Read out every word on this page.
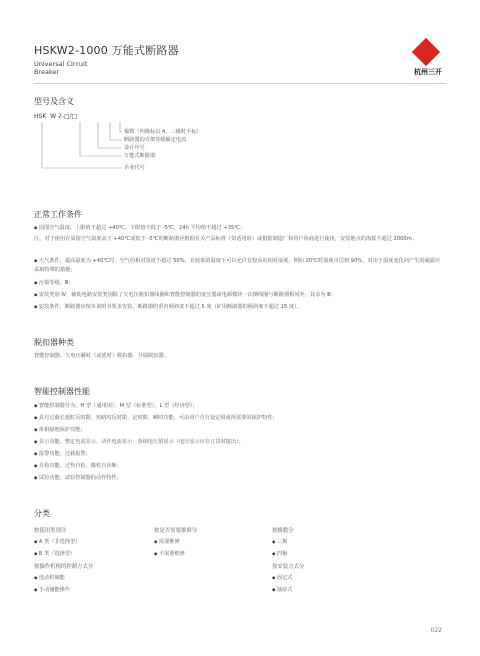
HSKW2-1000 万能式断路器
Universal Circuit
Breaker	杭州三开
型号及含义
HSK W 2-□/□
极数（四极标以 4，三极时不标）
断路器的壳架等级额定电流
设计序号
万能式断路器
企业代号
正常工作条件
◆ 周围空气温度，上限值不超过 +40℃，下限值不低于 -5℃，24h 平均值不超过 +35℃；
注，对于使用在周围空气温度高于 +40℃或低于 -5℃的断路器应根据有关产品标准（如适用时）或根据制造厂和用户协商进行使用，安装地点的海拔不超过 2000m；
◆ 大气条件，最高温度为 +40℃时，空气的相对湿度不超过 50%，在较低的温度下可以允许有较高的相对湿度，例如 20℃时湿度可达到 90%，对由于温度变化而产生的凝露应采取特殊的措施；
◆ 污染等级，Ⅲ；
◆ 安装类别 Ⅳ，辅助电路安装类别除了欠电压脱扣器线圈和智能控制器的变压器或电源模块一次侧线圈与断路器相同外，其余为 Ⅲ；
◆ 安装条件，断路器应按本说明书要求安装，断路器的垂直倾斜度不超过 5 度（矿用断路器的倾斜度不超过 15 度）。
脱扣器种类
智能控制器、欠电压瞬时（或延时）脱扣器、分励脱扣器。
智能控制器性能
◆ 智能控制器分为，H 型（通讯用）、M 型（标准型）、L 型（经济型）；
◆ 具有过载长延时反时限、短路时反时限、定时限、瞬时功能，可由用户自行设定组成所需要的保护特性；
◆ 单相接地保护功能；
◆ 显示功能，整定电流显示、动作电流显示、各相电压值显示（电压显示应在订货时提出）；
◆ 报警功能，过载报警；
◆ 自检功能，过热自检、微机自诊断；
◆ 试验功能，试验控制器的动作特性。
分类
按使用类别分
◆ A 类（非选择型）
◆ B 类（选择型）
按操作机构的控制方式分
◆ 电动机储能
◆ 手动储能操作
按是否需要维修分
◆ 需要维修
◆ 不需要维修
按极数分
◆ 三极
◆ 四极
按安装方式分
◆ 固定式
◆ 抽屉式
022
